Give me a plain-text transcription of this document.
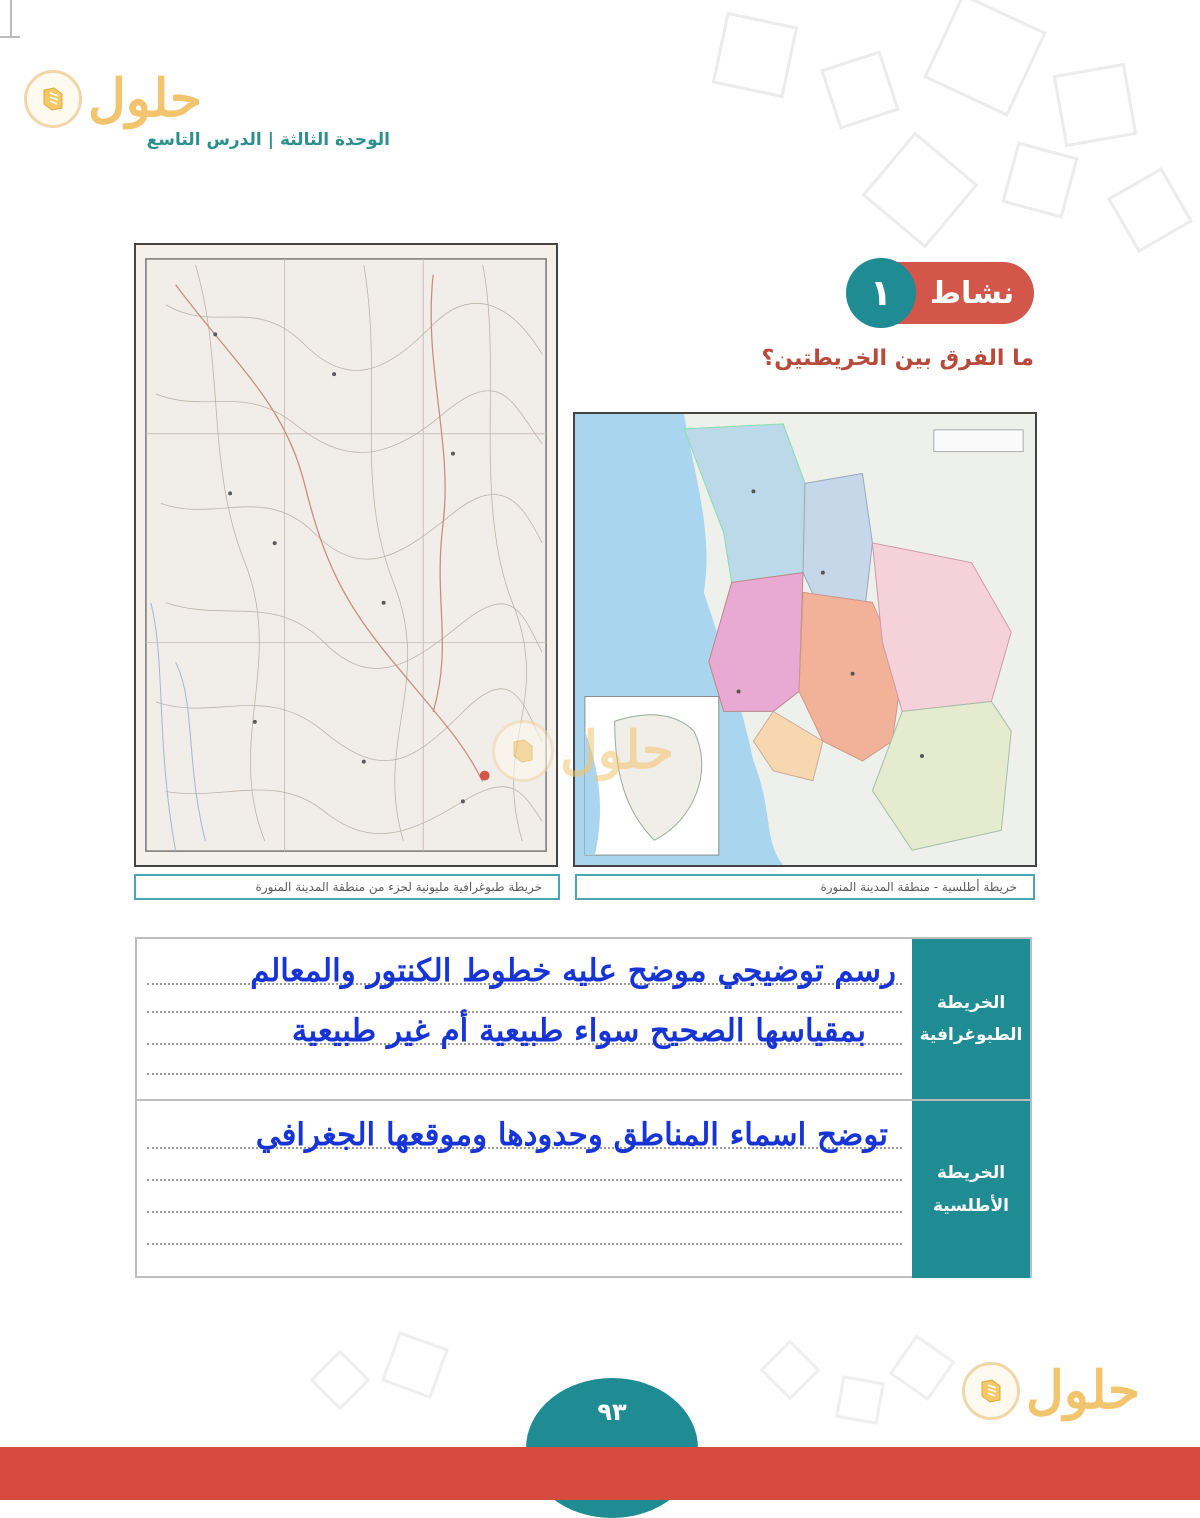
حلول
الوحدة الثالثة|الدرس التاسع
نشاط
١
ما الفرق بين الخريطتين؟
خريطة طبوغرافية مليونية لجزء من منطقة المدينة المنورة	خريطة أطلسية - منطقة المدينة المنورة
حلول
الخريطة
الطبوغرافية
رسم توضيجي موضح عليه خطوط الكنتور والمعالم
بمقياسها الصحيح سواء طبيعية أم غير طبيعية
الخريطة
الأطلسية
توضح اسماء المناطق وحدودها وموقعها الجغرافي
حلول
٩٣
